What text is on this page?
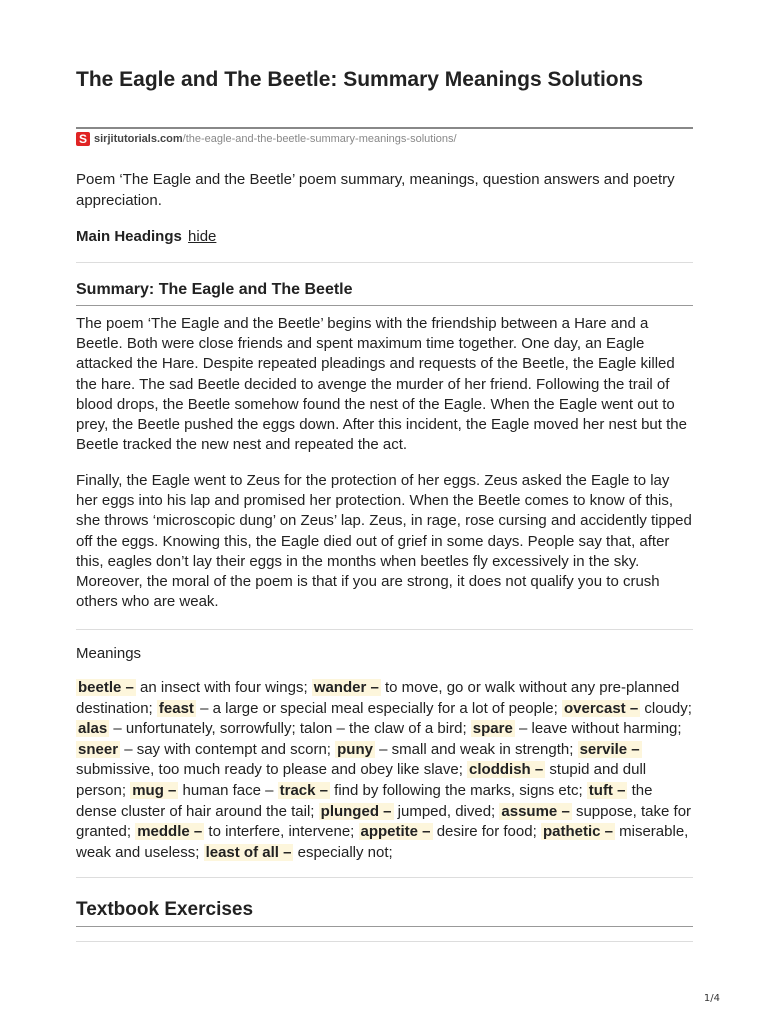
The Eagle and The Beetle: Summary Meanings Solutions
S sirjitutorials.com/the-eagle-and-the-beetle-summary-meanings-solutions/

Poem ‘The Eagle and the Beetle’ poem summary, meanings, question answers and poetry appreciation.

Main Headings hide
Summary: The Eagle and The Beetle

The poem ‘The Eagle and the Beetle’ begins with the friendship between a Hare and a Beetle. Both were close friends and spent maximum time together. One day, an Eagle attacked the Hare. Despite repeated pleadings and requests of the Beetle, the Eagle killed the hare. The sad Beetle decided to avenge the murder of her friend. Following the trail of blood drops, the Beetle somehow found the nest of the Eagle. When the Eagle went out to prey, the Beetle pushed the eggs down. After this incident, the Eagle moved her nest but the Beetle tracked the new nest and repeated the act.

Finally, the Eagle went to Zeus for the protection of her eggs. Zeus asked the Eagle to lay her eggs into his lap and promised her protection. When the Beetle comes to know of this, she throws ‘microscopic dung’ on Zeus’ lap. Zeus, in rage, rose cursing and accidently tipped off the eggs. Knowing this, the Eagle died out of grief in some days. People say that, after this, eagles don’t lay their eggs in the months when beetles fly excessively in the sky. Moreover, the moral of the poem is that if you are strong, it does not qualify you to crush others who are weak.

Meanings
beetle – an insect with four wings; wander – to move, go or walk without any pre-planned destination; feast – a large or special meal especially for a lot of people; overcast – cloudy; alas – unfortunately, sorrowfully; talon – the claw of a bird; spare – leave without harming; sneer – say with contempt and scorn; puny – small and weak in strength; servile – submissive, too much ready to please and obey like slave; cloddish – stupid and dull person; mug – human face – track – find by following the marks, signs etc; tuft – the dense cluster of hair around the tail; plunged – jumped, dived; assume – suppose, take for granted; meddle – to interfere, intervene; appetite – desire for food; pathetic – miserable, weak and useless; least of all – especially not;
Textbook Exercises
1/4
